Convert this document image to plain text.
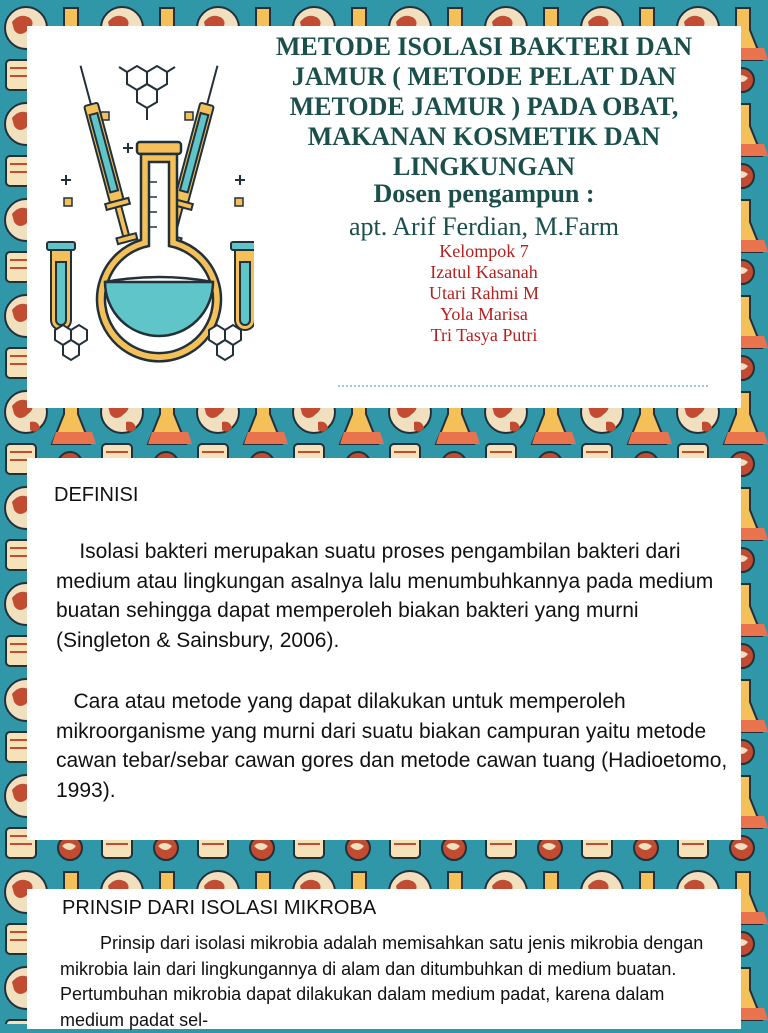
METODE ISOLASI BAKTERI DAN JAMUR ( METODE PELAT DAN METODE JAMUR ) PADA OBAT, MAKANAN KOSMETIK DAN LINGKUNGAN
Dosen pengampun :
apt. Arif Ferdian, M.Farm
Kelompok 7
Izatul Kasanah
Utari Rahmi M
Yola Marisa
Tri Tasya Putri
DEFINISI

Isolasi bakteri merupakan suatu proses pengambilan bakteri dari medium atau lingkungan asalnya lalu menumbuhkannya pada medium buatan sehingga dapat memperoleh biakan bakteri yang murni (Singleton & Sainsbury, 2006).

Cara atau metode yang dapat dilakukan untuk memperoleh mikroorganisme yang murni dari suatu biakan campuran yaitu metode cawan tebar/sebar cawan gores dan metode cawan tuang (Hadioetomo, 1993).

PRINSIP DARI ISOLASI MIKROBA

Prinsip dari isolasi mikrobia adalah memisahkan satu jenis mikrobia dengan mikrobia lain dari lingkungannya di alam dan ditumbuhkan di medium buatan. Pertumbuhan mikrobia dapat dilakukan dalam medium padat, karena dalam medium padat sel-
